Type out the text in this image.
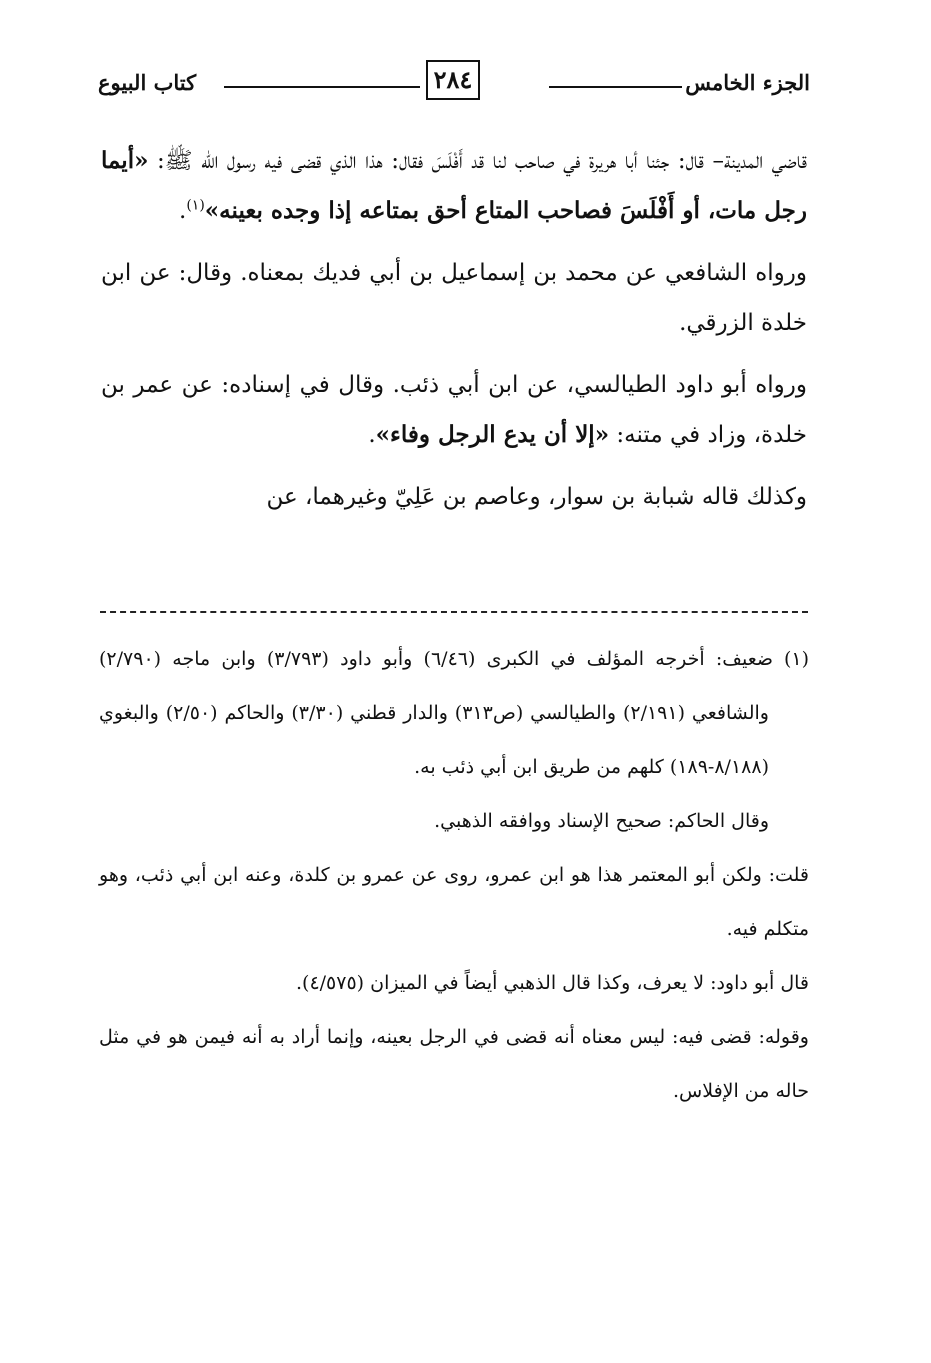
الجزء الخامس
٢٨٤
كتاب البيوع

قاضي المدينة– قال: جئنا أبا هريرة في صاحب لنا قد أَفْلَسَ فقال: هذا الذي قضى فيه رسول الله ﷺ: «أيما رجل مات، أو أَفْلَسَ فصاحب المتاع أحق بمتاعه إذا وجده بعينه»$^{(١)}$.

ورواه الشافعي عن محمد بن إسماعيل بن أبي فديك بمعناه. وقال: عن ابن خلدة الزرقي.

ورواه أبو داود الطيالسي، عن ابن أبي ذئب. وقال في إسناده: عن عمر بن خلدة، وزاد في متنه: «إلا أن يدع الرجل وفاء».

وكذلك قاله شبابة بن سوار، وعاصم بن عَلِيّ وغيرهما، عن

(١)ضعيف: أخرجه المؤلف في الكبرى (٦/٤٦) وأبو داود (٣/٧٩٣) وابن ماجه (٢/٧٩٠) والشافعي (٢/١٩١) والطيالسي (ص٣١٣) والدار قطني (٣/٣٠) والحاكم (٢/٥٠) والبغوي (٨/١٨٨-١٨٩) كلهم من طريق ابن أبي ذئب به.

وقال الحاكم: صحيح الإسناد ووافقه الذهبي.

قلت: ولكن أبو المعتمر هذا هو ابن عمرو، روى عن عمرو بن كلدة، وعنه ابن أبي ذئب، وهو متكلم فيه.

قال أبو داود: لا يعرف، وكذا قال الذهبي أيضاً في الميزان (٤/٥٧٥).

وقوله: قضى فيه: ليس معناه أنه قضى في الرجل بعينه، وإنما أراد به أنه فيمن هو في مثل حاله من الإفلاس.
